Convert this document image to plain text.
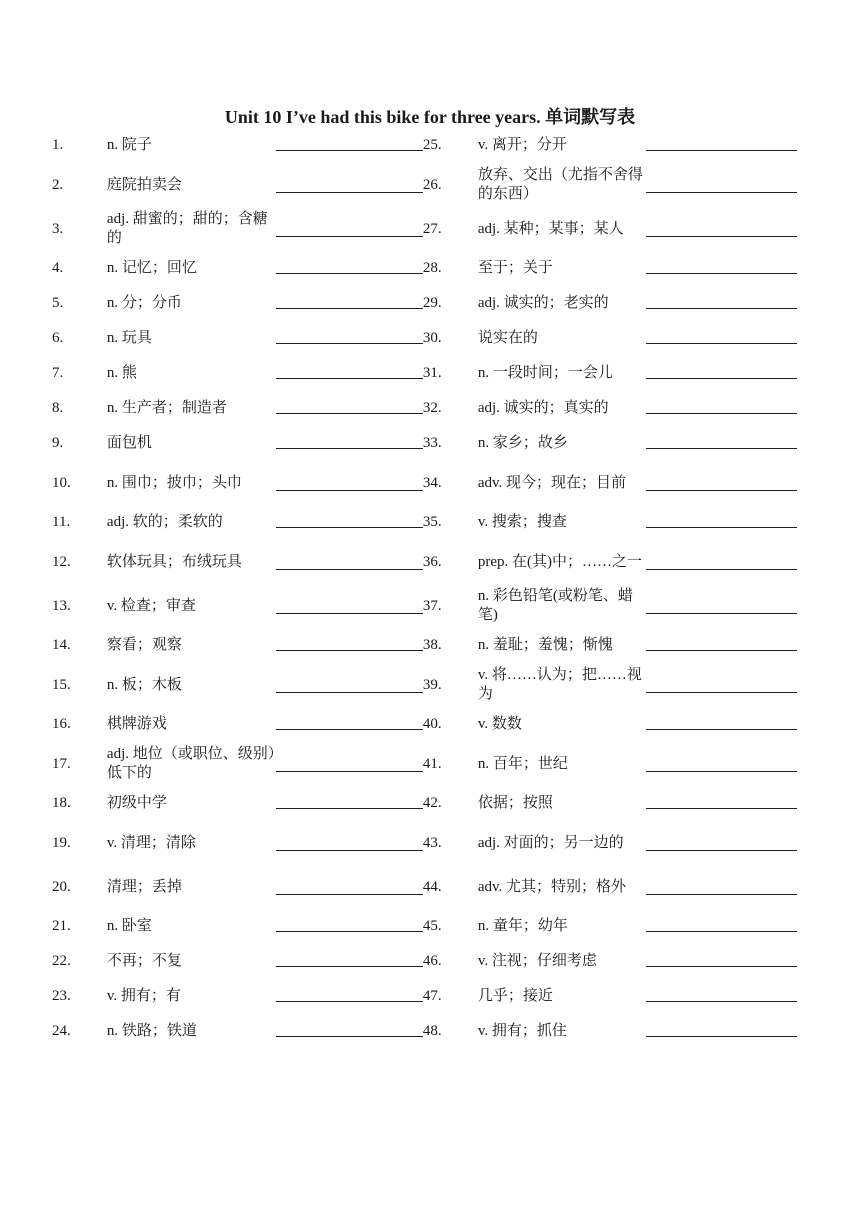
Unit 10 I’ve had this bike for three years. 单词默写表
1.	n. 院子		25.	v. 离开；分开	

2.	庭院拍卖会		26.	放弃、交出（尤指不舍得的东西）	

3.	adj. 甜蜜的；甜的；含糖的		27.	adj. 某种；某事；某人	

4.	n. 记忆；回忆		28.	至于；关于	

5.	n. 分；分币		29.	adj. 诚实的；老实的	

6.	n. 玩具		30.	说实在的	

7.	n. 熊		31.	n. 一段时间；一会儿	

8.	n. 生产者；制造者		32.	adj. 诚实的；真实的	

9.	面包机		33.	n. 家乡；故乡	

10.	n. 围巾；披巾；头巾		34.	adv. 现今；现在；目前	

11.	adj. 软的；柔软的		35.	v. 搜索；搜查	

12.	软体玩具；布绒玩具		36.	prep. 在(其)中；……之一	

13.	v. 检查；审查		37.	n. 彩色铅笔(或粉笔、蜡笔)	

14.	察看；观察		38.	n. 羞耻；羞愧；惭愧	

15.	n. 板；木板		39.	v. 将……认为；把……视为	

16.	棋牌游戏		40.	v. 数数	

17.	adj. 地位（或职位、级别）低下的		41.	n. 百年；世纪	

18.	初级中学		42.	依据；按照	

19.	v. 清理；清除		43.	adj. 对面的；另一边的	

20.	清理；丢掉		44.	adv. 尤其；特别；格外	

21.	n. 卧室		45.	n. 童年；幼年	

22.	不再；不复		46.	v. 注视；仔细考虑	

23.	v. 拥有；有		47.	几乎；接近	

24.	n. 铁路；铁道		48.	v. 拥有；抓住	
